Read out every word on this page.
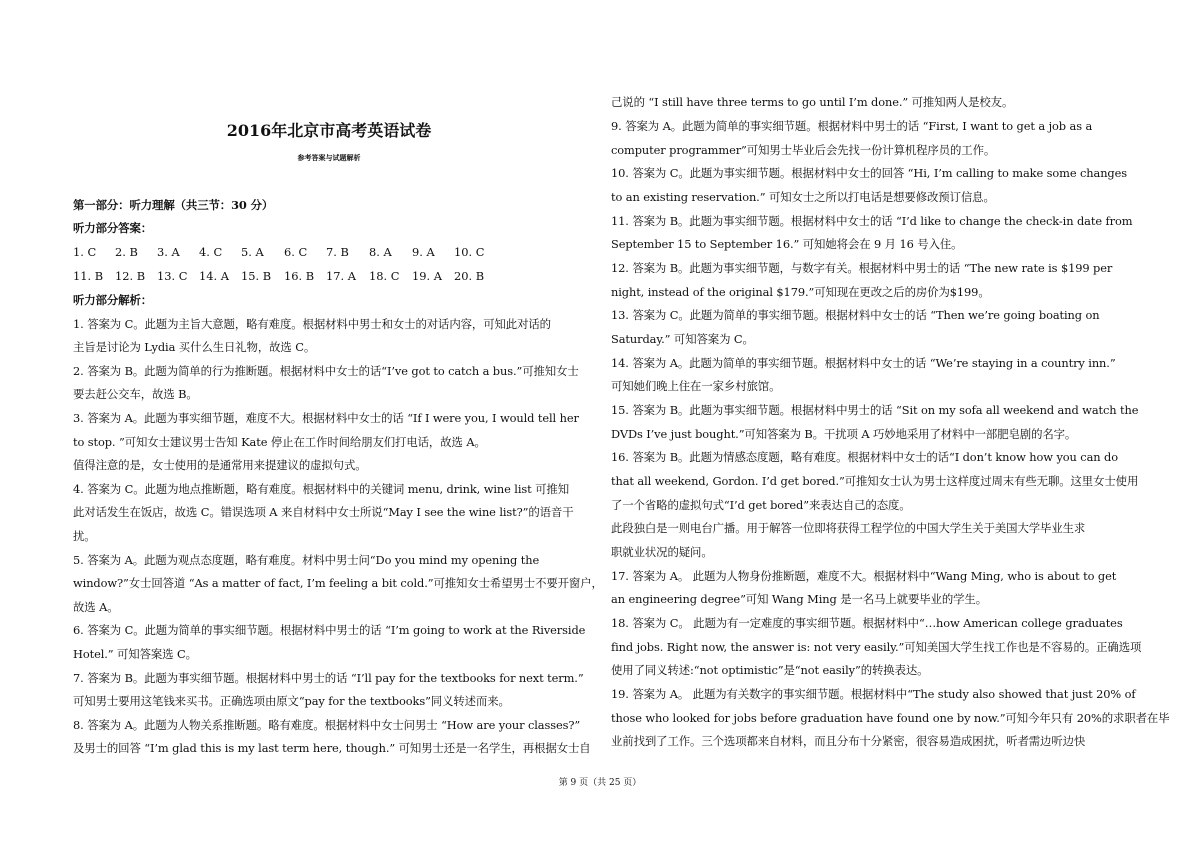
2016年北京市高考英语试卷
参考答案与试题解析
第一部分：听力理解（共三节：30 分）
听力部分答案：
1. C 2. B 3. A 4. C 5. A 6. C 7. B 8. A 9. A 10. C
11. B 12. B 13. C 14. A 15. B 16. B 17. A 18. C 19. A 20. B
听力部分解析：
1. 答案为 C。此题为主旨大意题，略有难度。根据材料中男士和女士的对话内容，可知此对话的
主旨是讨论为 Lydia 买什么生日礼物，故选 C。
2. 答案为 B。此题为简单的行为推断题。根据材料中女士的话“I’ve got to catch a bus.”可推知女士
要去赶公交车，故选 B。
3. 答案为 A。此题为事实细节题，难度不大。根据材料中女士的话 “If I were you, I would tell her
to stop. ”可知女士建议男士告知 Kate 停止在工作时间给朋友们打电话，故选 A。
值得注意的是，女士使用的是通常用来提建议的虚拟句式。
4. 答案为 C。此题为地点推断题，略有难度。根据材料中的关键词 menu, drink, wine list 可推知
此对话发生在饭店，故选 C。错误选项 A 来自材料中女士所说“May I see the wine list?”的语音干
扰。
5. 答案为 A。此题为观点态度题，略有难度。材料中男士问“Do you mind my opening the
window?”女士回答道 “As a matter of fact, I’m feeling a bit cold.”可推知女士希望男士不要开窗户，
故选 A。
6. 答案为 C。此题为简单的事实细节题。根据材料中男士的话 “I’m going to work at the Riverside
Hotel.” 可知答案选 C。
7. 答案为 B。此题为事实细节题。根据材料中男士的话 “I’ll pay for the textbooks for next term.”
可知男士要用这笔钱来买书。正确选项由原文“pay for the textbooks”同义转述而来。
8. 答案为 A。此题为人物关系推断题。略有难度。根据材料中女士问男士 “How are your classes?”
及男士的回答 “I’m glad this is my last term here, though.” 可知男士还是一名学生，再根据女士自
己说的 “I still have three terms to go until I’m done.” 可推知两人是校友。
9. 答案为 A。此题为简单的事实细节题。根据材料中男士的话 “First, I want to get a job as a
computer programmer”可知男士毕业后会先找一份计算机程序员的工作。
10. 答案为 C。此题为事实细节题。根据材料中女士的回答 “Hi, I’m calling to make some changes
to an existing reservation.” 可知女士之所以打电话是想要修改预订信息。
11. 答案为 B。此题为事实细节题。根据材料中女士的话 “I’d like to change the check-in date from
September 15 to September 16.” 可知她将会在 9 月 16 号入住。
12. 答案为 B。此题为事实细节题，与数字有关。根据材料中男士的话 “The new rate is $199 per
night, instead of the original $179.”可知现在更改之后的房价为$199。
13. 答案为 C。此题为简单的事实细节题。根据材料中女士的话 “Then we’re going boating on
Saturday.” 可知答案为 C。
14. 答案为 A。此题为简单的事实细节题。根据材料中女士的话 “We’re staying in a country inn.”
可知她们晚上住在一家乡村旅馆。
15. 答案为 B。此题为事实细节题。根据材料中男士的话 “Sit on my sofa all weekend and watch the
DVDs I’ve just bought.”可知答案为 B。干扰项 A 巧妙地采用了材料中一部肥皂剧的名字。
16. 答案为 B。此题为情感态度题，略有难度。根据材料中女士的话“I don’t know how you can do
that all weekend, Gordon. I’d get bored.”可推知女士认为男士这样度过周末有些无聊。这里女士使用
了一个省略的虚拟句式“I’d get bored”来表达自己的态度。
此段独白是一则电台广播。用于解答一位即将获得工程学位的中国大学生关于美国大学毕业生求
职就业状况的疑问。
17. 答案为 A。 此题为人物身份推断题，难度不大。根据材料中“Wang Ming, who is about to get
an engineering degree”可知 Wang Ming 是一名马上就要毕业的学生。
18. 答案为 C。 此题为有一定难度的事实细节题。根据材料中“…how American college graduates
find jobs. Right now, the answer is: not very easily.”可知美国大学生找工作也是不容易的。正确选项
使用了同义转述:“not optimistic”是“not easily”的转换表达。
19. 答案为 A。 此题为有关数字的事实细节题。根据材料中“The study also showed that just 20% of
those who looked for jobs before graduation have found one by now.”可知今年只有 20%的求职者在毕
业前找到了工作。三个选项都来自材料，而且分布十分紧密，很容易造成困扰，听者需边听边快
第 9 页（共 25 页）
